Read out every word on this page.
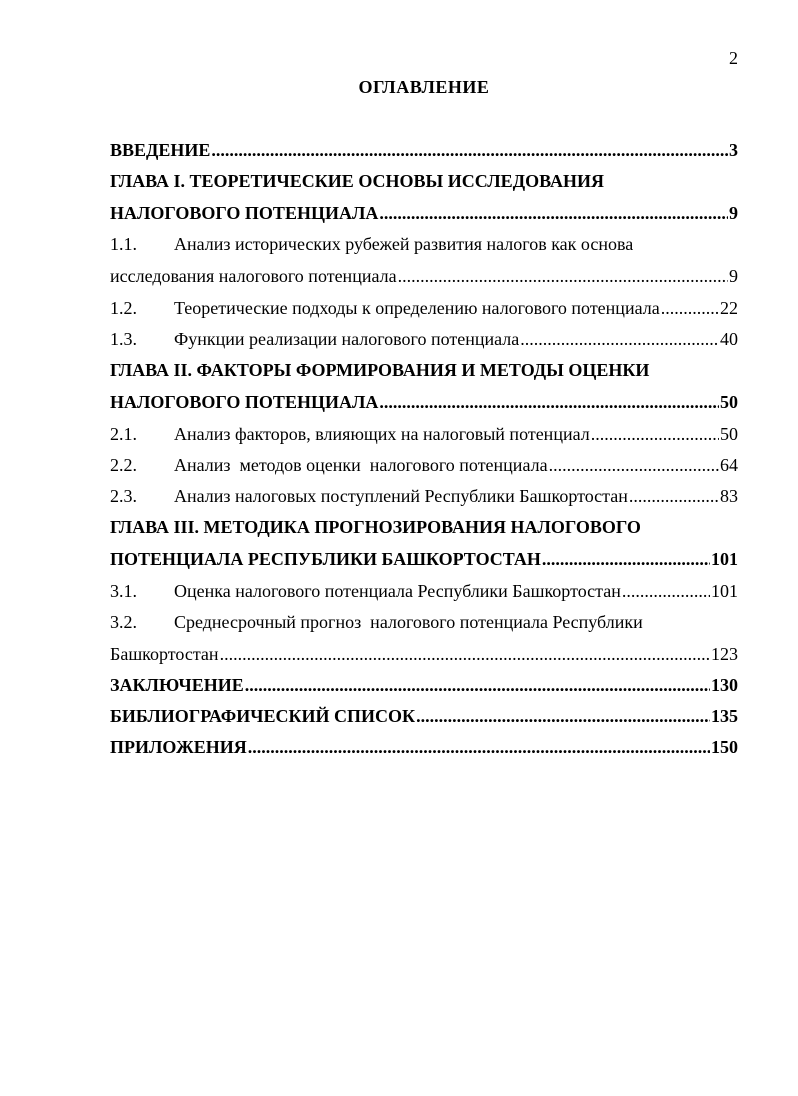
2
ОГЛАВЛЕНИЕ
ВВЕДЕНИЕ .....	3
ГЛАВА I. ТЕОРЕТИЧЕСКИЕ ОСНОВЫ ИССЛЕДОВАНИЯ
НАЛОГОВОГО ПОТЕНЦИАЛА .....	9
1.1.	Анализ исторических рубежей развития налогов как основа
исследования налогового потенциала .....	9
1.2.	Теоретические подходы к определению налогового потенциала .....	22
1.3.	Функции реализации налогового потенциала .....	40
ГЛАВА II. ФАКТОРЫ ФОРМИРОВАНИЯ И МЕТОДЫ ОЦЕНКИ
НАЛОГОВОГО ПОТЕНЦИАЛА .....	50
2.1.	Анализ факторов, влияющих на налоговый потенциал .....	50
2.2.	Анализ  методов оценки  налогового потенциала .....	64
2.3.	Анализ налоговых поступлений Республики Башкортостан .....	83
ГЛАВА III. МЕТОДИКА ПРОГНОЗИРОВАНИЯ НАЛОГОВОГО
ПОТЕНЦИАЛА РЕСПУБЛИКИ БАШКОРТОСТАН .....	101
3.1.	Оценка налогового потенциала Республики Башкортостан .....	101
3.2.	Среднесрочный прогноз  налогового потенциала Республики
Башкортостан .....	123
ЗАКЛЮЧЕНИЕ .....	130
БИБЛИОГРАФИЧЕСКИЙ СПИСОК .....	135
ПРИЛОЖЕНИЯ .....	150
